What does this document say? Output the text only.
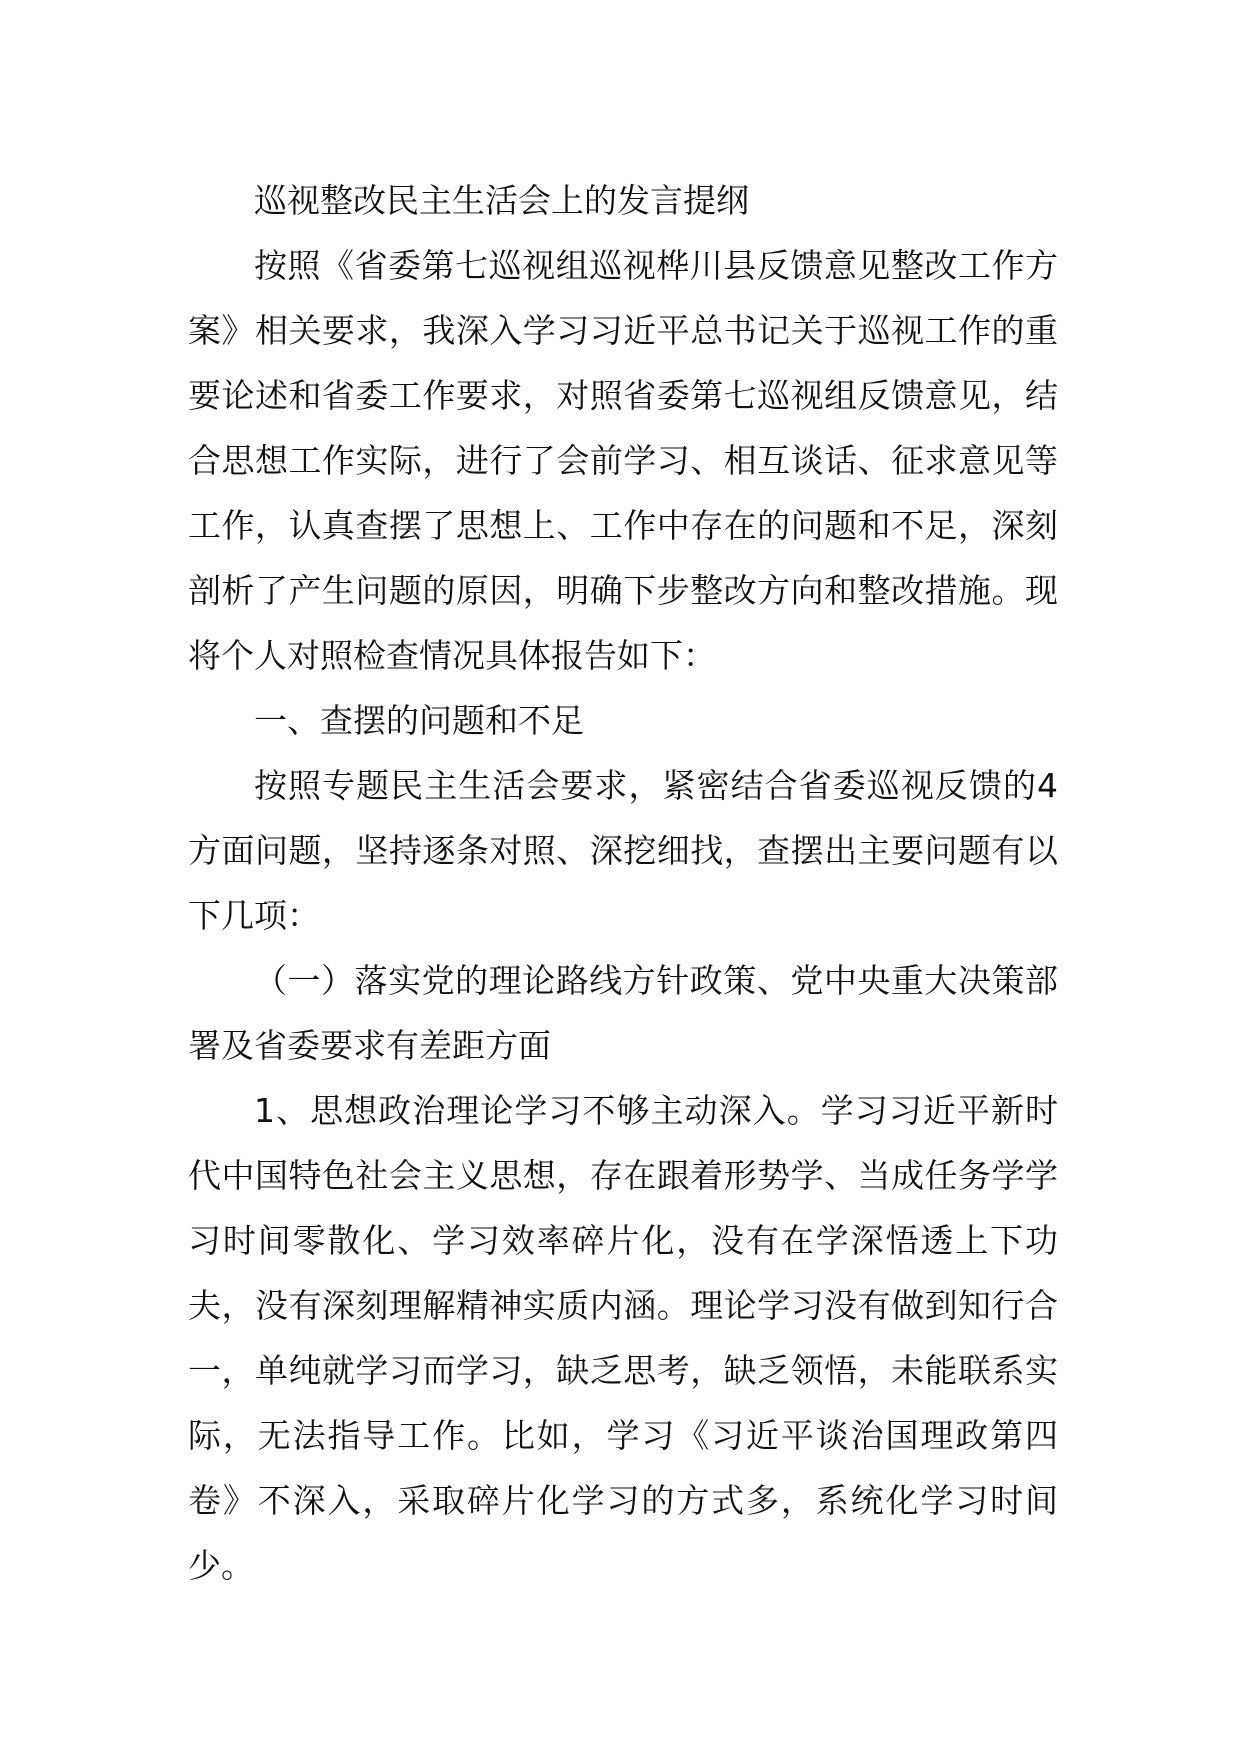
巡视整改民主生活会上的发言提纲

按照《省委第七巡视组巡视桦川县反馈意见整改工作方案》相关要求，我深入学习习近平总书记关于巡视工作的重要论述和省委工作要求，对照省委第七巡视组反馈意见，结合思想工作实际，进行了会前学习、相互谈话、征求意见等工作，认真查摆了思想上、工作中存在的问题和不足，深刻剖析了产生问题的原因，明确下步整改方向和整改措施。现将个人对照检查情况具体报告如下：

一、查摆的问题和不足

按照专题民主生活会要求，紧密结合省委巡视反馈的4方面问题，坚持逐条对照、深挖细找，查摆出主要问题有以下几项：

（一）落实党的理论路线方针政策、党中央重大决策部署及省委要求有差距方面

1、思想政治理论学习不够主动深入。学习习近平新时代中国特色社会主义思想，存在跟着形势学、当成任务学学习时间零散化、学习效率碎片化，没有在学深悟透上下功夫，没有深刻理解精神实质内涵。理论学习没有做到知行合一，单纯就学习而学习，缺乏思考，缺乏领悟，未能联系实际，无法指导工作。比如，学习《习近平谈治国理政第四卷》不深入，采取碎片化学习的方式多，系统化学习时间少。
